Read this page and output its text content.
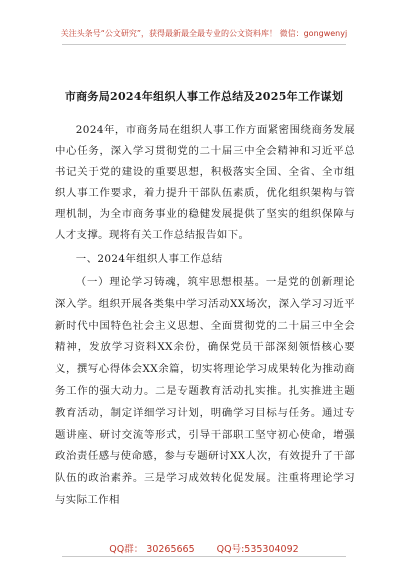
关注头条号“公文研究”，获得最新最全最专业的公文资料库！ 微信：gongwenyj
市商务局2024年组织人事工作总结及2025年工作谋划

2024年，市商务局在组织人事工作方面紧密围绕商务发展中心任务，深入学习贯彻党的二十届三中全会精神和习近平总书记关于党的建设的重要思想，积极落实全国、全省、全市组织人事工作要求，着力提升干部队伍素质，优化组织架构与管理机制，为全市商务事业的稳健发展提供了坚实的组织保障与人才支撑。现将有关工作总结报告如下。

一、2024年组织人事工作总结

（一）理论学习铸魂，筑牢思想根基。一是党的创新理论深入学。组织开展各类集中学习活动XX场次，深入学习习近平新时代中国特色社会主义思想、全面贯彻党的二十届三中全会精神，发放学习资料XX余份，确保党员干部深刻领悟核心要义，撰写心得体会XX余篇，切实将理论学习成果转化为推动商务工作的强大动力。二是专题教育活动扎实推。扎实推进主题教育活动，制定详细学习计划，明确学习目标与任务。通过专题讲座、研讨交流等形式，引导干部职工坚守初心使命，增强政治责任感与使命感，参与专题研讨XX人次，有效提升了干部队伍的政治素养。三是学习成效转化促发展。注重将理论学习与实际工作相

QQ群： 30265665 QQ号:535304092
